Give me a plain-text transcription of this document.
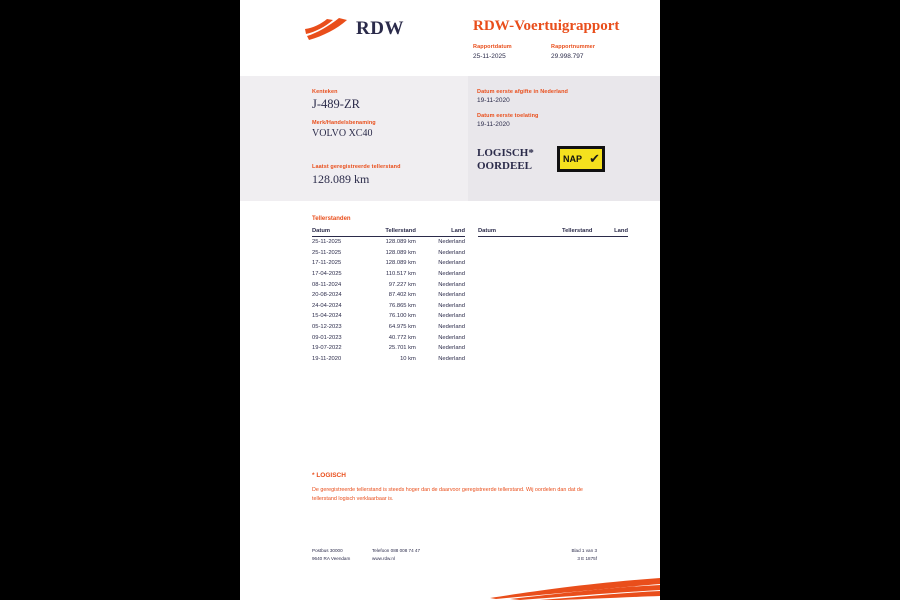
RDW	RDW-Voertuigrapport
Rapportdatum
25-11-2025
Rapportnummer
29.998.797
Kenteken
J-489-ZR
Merk/Handelsbenaming
VOLVO XC40
Laatst geregistreerde tellerstand
128.089 km
Datum eerste afgifte in Nederland
19-11-2020
Datum eerste toelating
19-11-2020
LOGISCH*
OORDEEL
NAP ✔
Tellerstanden
Datum	Tellerstand	Land
25-11-2025	128.089 km	Nederland
25-11-2025	128.089 km	Nederland
17-11-2025	128.089 km	Nederland
17-04-2025	110.517 km	Nederland
08-11-2024	97.227 km	Nederland
20-08-2024	87.402 km	Nederland
24-04-2024	76.865 km	Nederland
15-04-2024	76.100 km	Nederland
05-12-2023	64.975 km	Nederland
09-01-2023	40.772 km	Nederland
19-07-2022	25.701 km	Nederland
19-11-2020	10 km	Nederland
Datum	Tellerstand	Land
* LOGISCH
De geregistreerde tellerstand is steeds hoger dan de daarvoor geregistreerde tellerstand. Wij oordelen dan dat de tellerstand logisch verklaarbaar is.
Postbus 30000	Telefoon 088 008 74 47	Blad 1 van 3
9640 RA Veendam	www.rdw.nl	3 E 1875f
